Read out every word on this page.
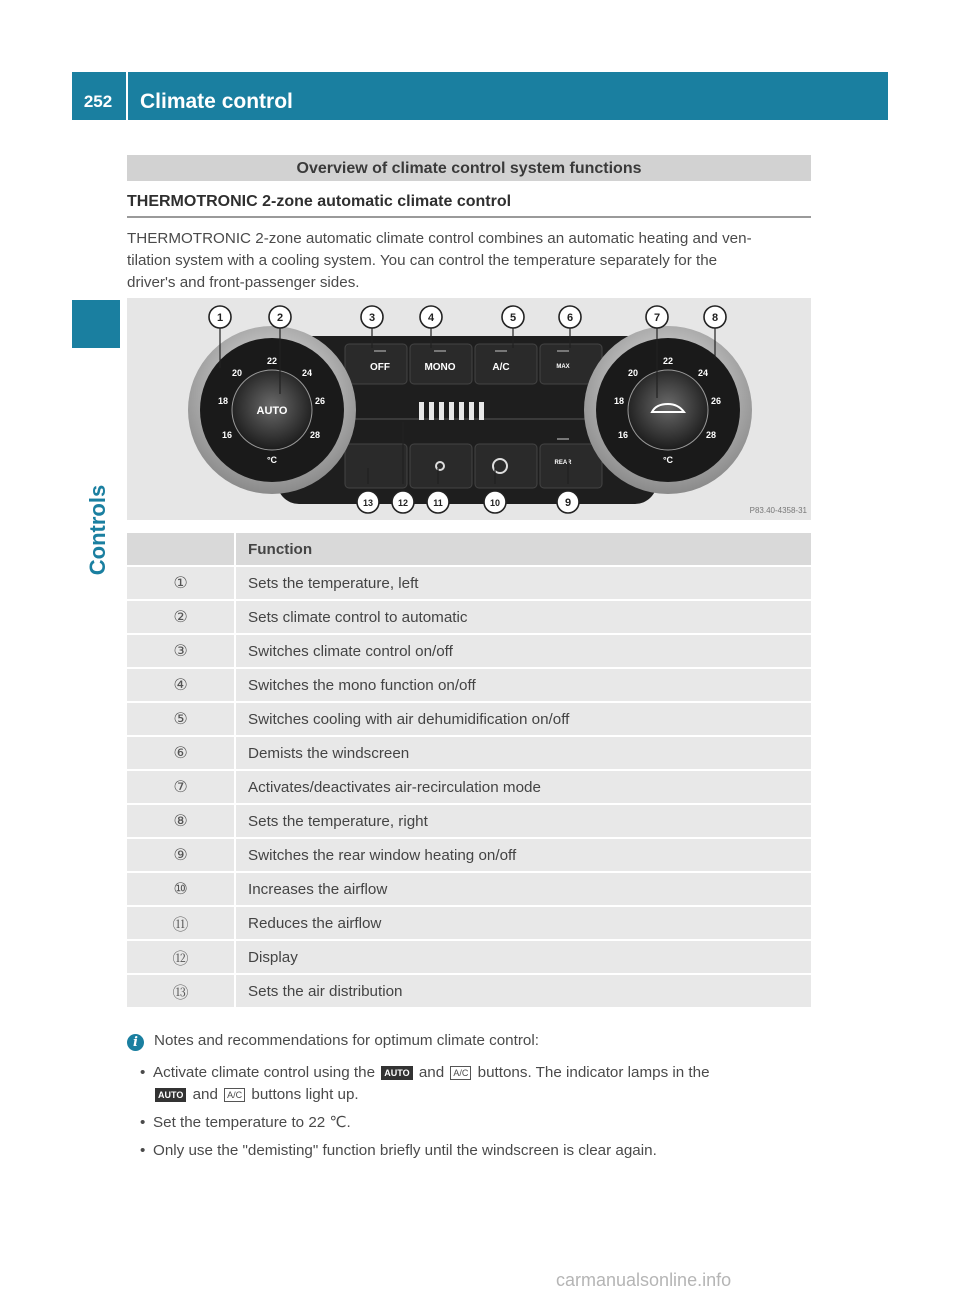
252	Climate control
Controls
Overview of climate control system functions
THERMOTRONIC 2-zone automatic climate control
THERMOTRONIC 2-zone automatic climate control combines an automatic heating and ven-
tilation system with a cooling system. You can control the temperature separately for the
driver's and front-passenger sides.
OFF	MONO	A/C	MAX
REAR
AUTO
22
20	24
18	26
16	28
°C
22
20	24
18	26
16	28
°C
1	2	3	4	5	6	7	8
9
10
11
12
13
P83.40-4358-31
Function
①	Sets the temperature, left
②	Sets climate control to automatic
③	Switches climate control on/off
④	Switches the mono function on/off
⑤	Switches cooling with air dehumidification on/off
⑥	Demists the windscreen
⑦	Activates/deactivates air-recirculation mode
⑧	Sets the temperature, right
⑨	Switches the rear window heating on/off
⑩	Increases the airflow
⑪	Reduces the airflow
⑫	Display
⑬	Sets the air distribution
i	Notes and recommendations for optimum climate control:
• Activate climate control using the AUTO and A/C buttons. The indicator lamps in the
AUTO and A/C buttons light up.
• Set the temperature to 22 ℃.
• Only use the "demisting" function briefly until the windscreen is clear again.
carmanualsonline.info
